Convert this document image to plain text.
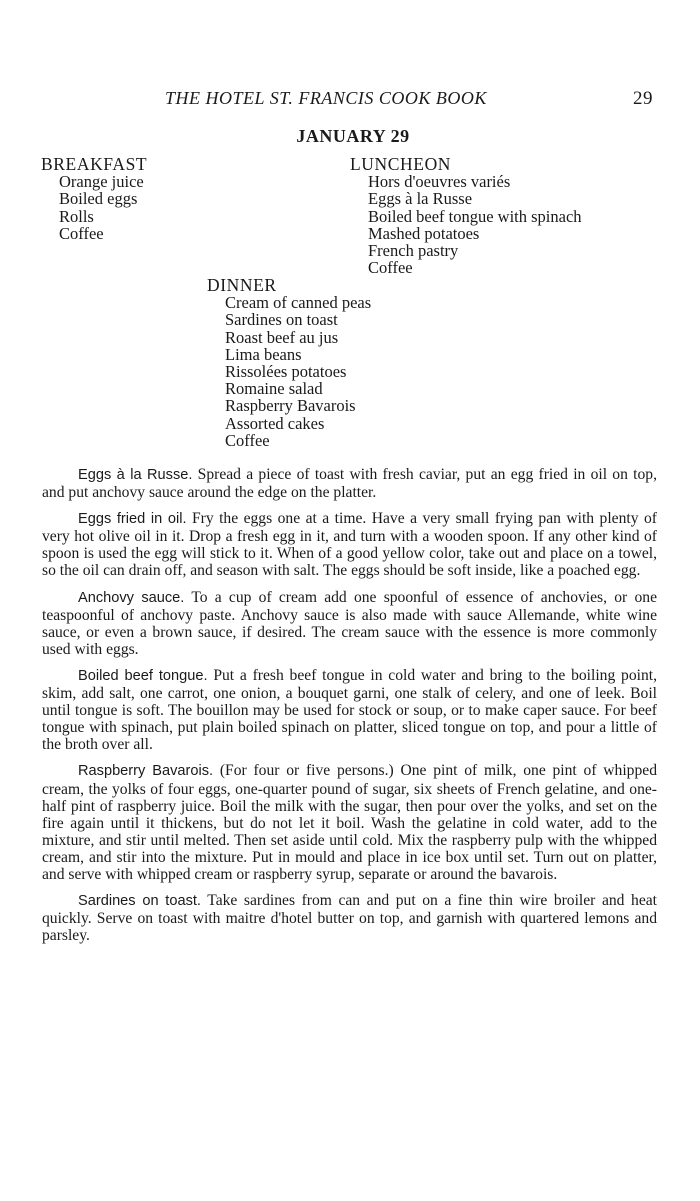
THE HOTEL ST. FRANCIS COOK BOOK	29
JANUARY 29
BREAKFAST
Orange juice
Boiled eggs
Rolls
Coffee
LUNCHEON
Hors d'oeuvres variés
Eggs à la Russe
Boiled beef tongue with spinach
Mashed potatoes
French pastry
Coffee
DINNER
Cream of canned peas
Sardines on toast
Roast beef au jus
Lima beans
Rissolées potatoes
Romaine salad
Raspberry Bavarois
Assorted cakes
Coffee

Eggs à la Russe. Spread a piece of toast with fresh caviar, put an egg fried in oil on top, and put anchovy sauce around the edge on the platter.

Eggs fried in oil. Fry the eggs one at a time. Have a very small frying pan with plenty of very hot olive oil in it. Drop a fresh egg in it, and turn with a wooden spoon. If any other kind of spoon is used the egg will stick to it. When of a good yellow color, take out and place on a towel, so the oil can drain off, and season with salt. The eggs should be soft inside, like a poached egg.

Anchovy sauce. To a cup of cream add one spoonful of essence of anchovies, or one teaspoonful of anchovy paste. Anchovy sauce is also made with sauce Allemande, white wine sauce, or even a brown sauce, if desired. The cream sauce with the essence is more commonly used with eggs.

Boiled beef tongue. Put a fresh beef tongue in cold water and bring to the boiling point, skim, add salt, one carrot, one onion, a bouquet garni, one stalk of celery, and one of leek. Boil until tongue is soft. The bouillon may be used for stock or soup, or to make caper sauce. For beef tongue with spinach, put plain boiled spinach on platter, sliced tongue on top, and pour a little of the broth over all.

Raspberry Bavarois. (For four or five persons.) One pint of milk, one pint of whipped cream, the yolks of four eggs, one-quarter pound of sugar, six sheets of French gelatine, and one-half pint of raspberry juice. Boil the milk with the sugar, then pour over the yolks, and set on the fire again until it thickens, but do not let it boil. Wash the gelatine in cold water, add to the mixture, and stir until melted. Then set aside until cold. Mix the raspberry pulp with the whipped cream, and stir into the mixture. Put in mould and place in ice box until set. Turn out on platter, and serve with whipped cream or raspberry syrup, separate or around the bavarois.

Sardines on toast. Take sardines from can and put on a fine thin wire broiler and heat quickly. Serve on toast with maitre d'hotel butter on top, and garnish with quartered lemons and parsley.
